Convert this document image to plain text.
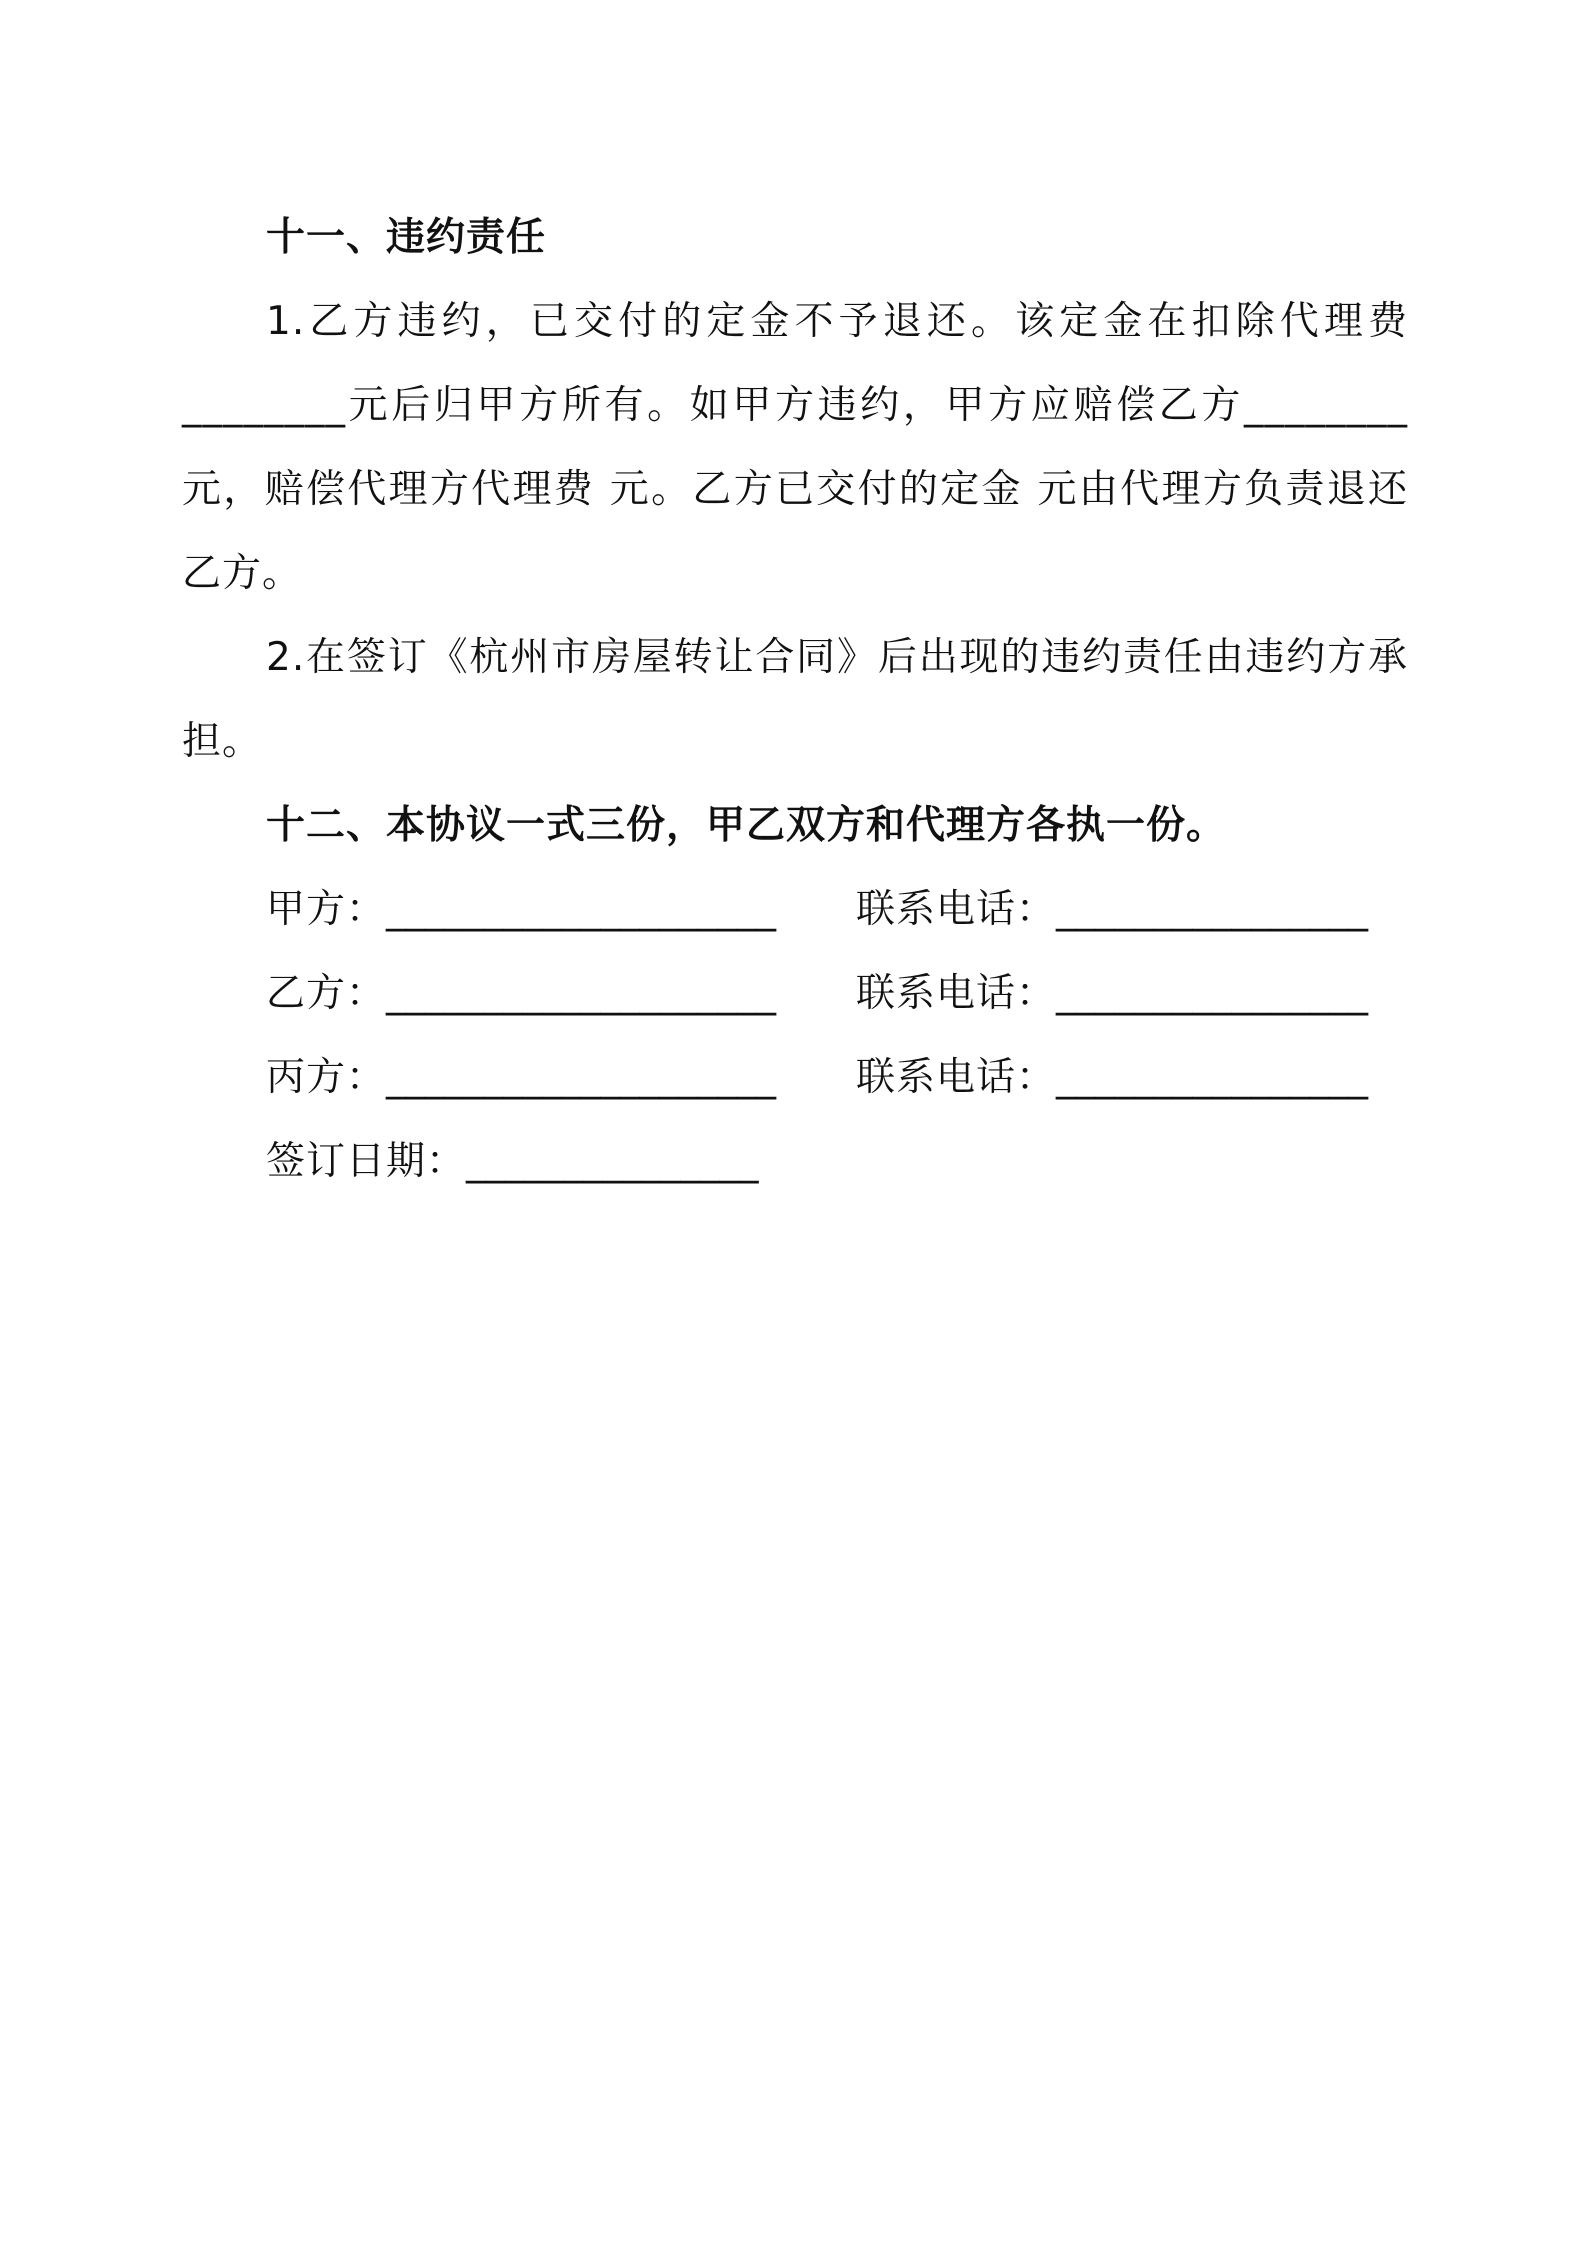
十一、违约责任

1.乙方违约，已交付的定金不予退还。该定金在扣除代理费________元后归甲方所有。如甲方违约，甲方应赔偿乙方________元，赔偿代理方代理费 元。乙方已交付的定金 元由代理方负责退还乙方。

2.在签订《杭州市房屋转让合同》后出现的违约责任由违约方承担。

十二、本协议一式三份，甲乙双方和代理方各执一份。

甲方： ____________________ 联系电话： ________________
乙方： ____________________ 联系电话： ________________
丙方： ____________________ 联系电话： ________________
签订日期： _______________
